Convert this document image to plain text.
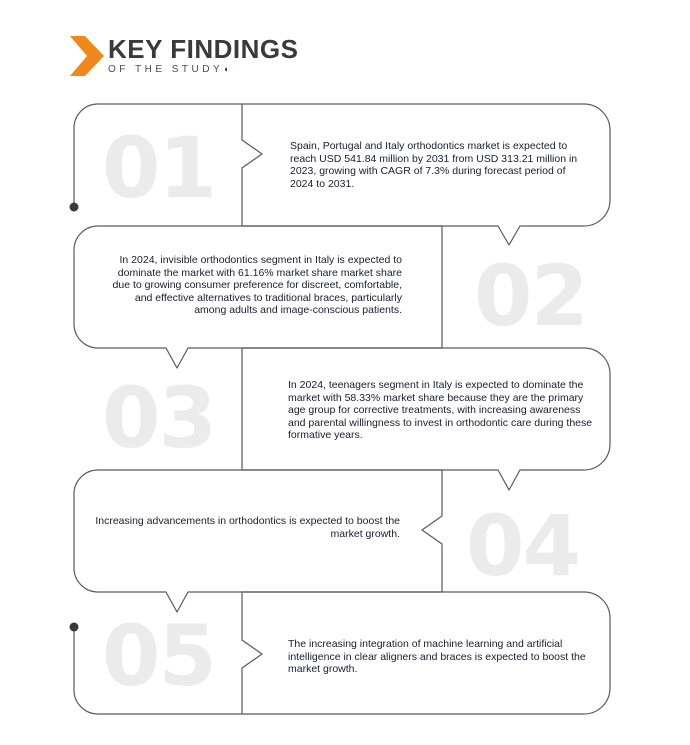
KEY FINDINGS
OF THE STUDY◖
01
02
03
04
05
Spain, Portugal and Italy orthodontics market is expected to reach USD 541.84 million by 2031 from USD 313.21 million in 2023, growing with CAGR of 7.3% during forecast period of 2024 to 2031.
In 2024, invisible orthodontics segment in Italy is expected to dominate the market with 61.16% market share market share due to growing consumer preference for discreet, comfortable, and effective alternatives to traditional braces, particularly among adults and image-conscious patients.
In 2024, teenagers segment in Italy is expected to dominate the market with 58.33% market share because they are the primary age group for corrective treatments, with increasing awareness and parental willingness to invest in orthodontic care during these formative years.
Increasing advancements in orthodontics is expected to boost the market growth.
The increasing integration of machine learning and artificial intelligence in clear aligners and braces is expected to boost the market growth.
